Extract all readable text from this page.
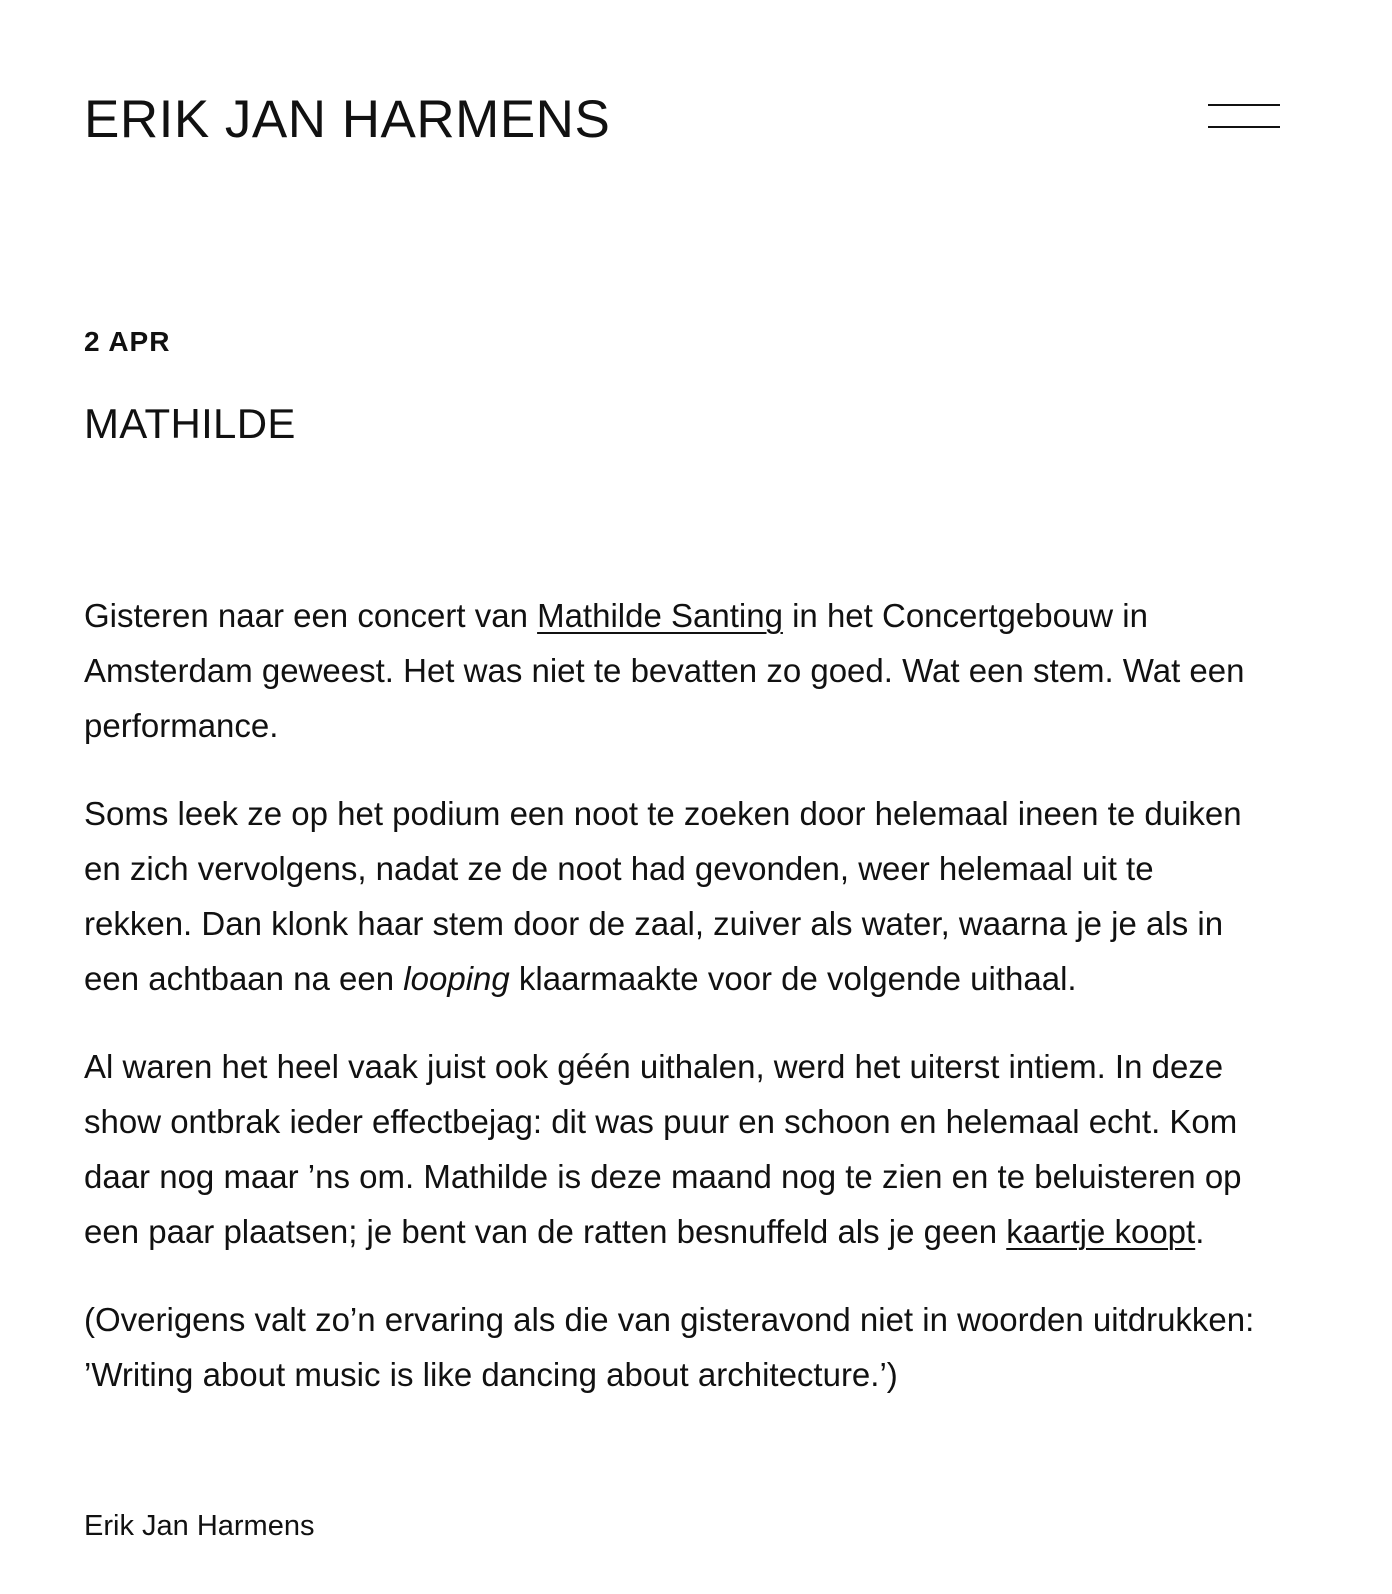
ERIK JAN HARMENS
2 APR
MATHILDE

Gisteren naar een concert van Mathilde Santing in het Concertgebouw in
Amsterdam geweest. Het was niet te bevatten zo goed. Wat een stem. Wat een
performance.

Soms leek ze op het podium een noot te zoeken door helemaal ineen te duiken
en zich vervolgens, nadat ze de noot had gevonden, weer helemaal uit te
rekken. Dan klonk haar stem door de zaal, zuiver als water, waarna je je als in
een achtbaan na een looping klaarmaakte voor de volgende uithaal.

Al waren het heel vaak juist ook géén uithalen, werd het uiterst intiem. In deze
show ontbrak ieder effectbejag: dit was puur en schoon en helemaal echt. Kom
daar nog maar ’ns om. Mathilde is deze maand nog te zien en te beluisteren op
een paar plaatsen; je bent van de ratten besnuffeld als je geen kaartje koopt.

(Overigens valt zo’n ervaring als die van gisteravond niet in woorden uitdrukken:
’Writing about music is like dancing about architecture.’)

Erik Jan Harmens
